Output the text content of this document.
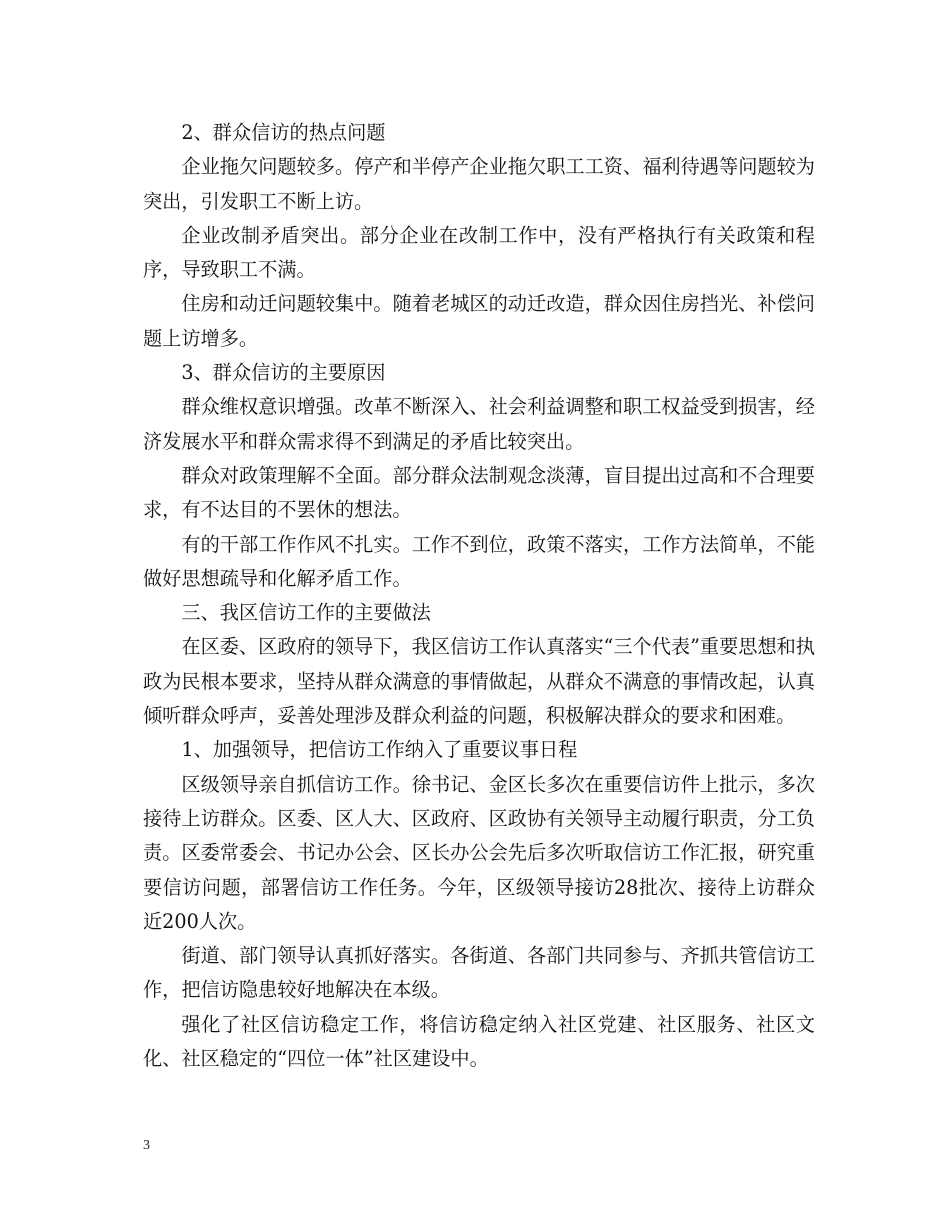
2、群众信访的热点问题

企业拖欠问题较多。停产和半停产企业拖欠职工工资、福利待遇等问题较为突出，引发职工不断上访。

企业改制矛盾突出。部分企业在改制工作中，没有严格执行有关政策和程序，导致职工不满。

住房和动迁问题较集中。随着老城区的动迁改造，群众因住房挡光、补偿问题上访增多。

3、群众信访的主要原因

群众维权意识增强。改革不断深入、社会利益调整和职工权益受到损害，经济发展水平和群众需求得不到满足的矛盾比较突出。

群众对政策理解不全面。部分群众法制观念淡薄，盲目提出过高和不合理要求，有不达目的不罢休的想法。

有的干部工作作风不扎实。工作不到位，政策不落实，工作方法简单，不能做好思想疏导和化解矛盾工作。

三、我区信访工作的主要做法

在区委、区政府的领导下，我区信访工作认真落实“三个代表”重要思想和执政为民根本要求，坚持从群众满意的事情做起，从群众不满意的事情改起，认真倾听群众呼声，妥善处理涉及群众利益的问题，积极解决群众的要求和困难。

1、加强领导，把信访工作纳入了重要议事日程

区级领导亲自抓信访工作。徐书记、金区长多次在重要信访件上批示，多次接待上访群众。区委、区人大、区政府、区政协有关领导主动履行职责，分工负责。区委常委会、书记办公会、区长办公会先后多次听取信访工作汇报，研究重要信访问题，部署信访工作任务。今年，区级领导接访28批次、接待上访群众近200人次。

街道、部门领导认真抓好落实。各街道、各部门共同参与、齐抓共管信访工作，把信访隐患较好地解决在本级。

强化了社区信访稳定工作，将信访稳定纳入社区党建、社区服务、社区文化、社区稳定的“四位一体”社区建设中。

3
